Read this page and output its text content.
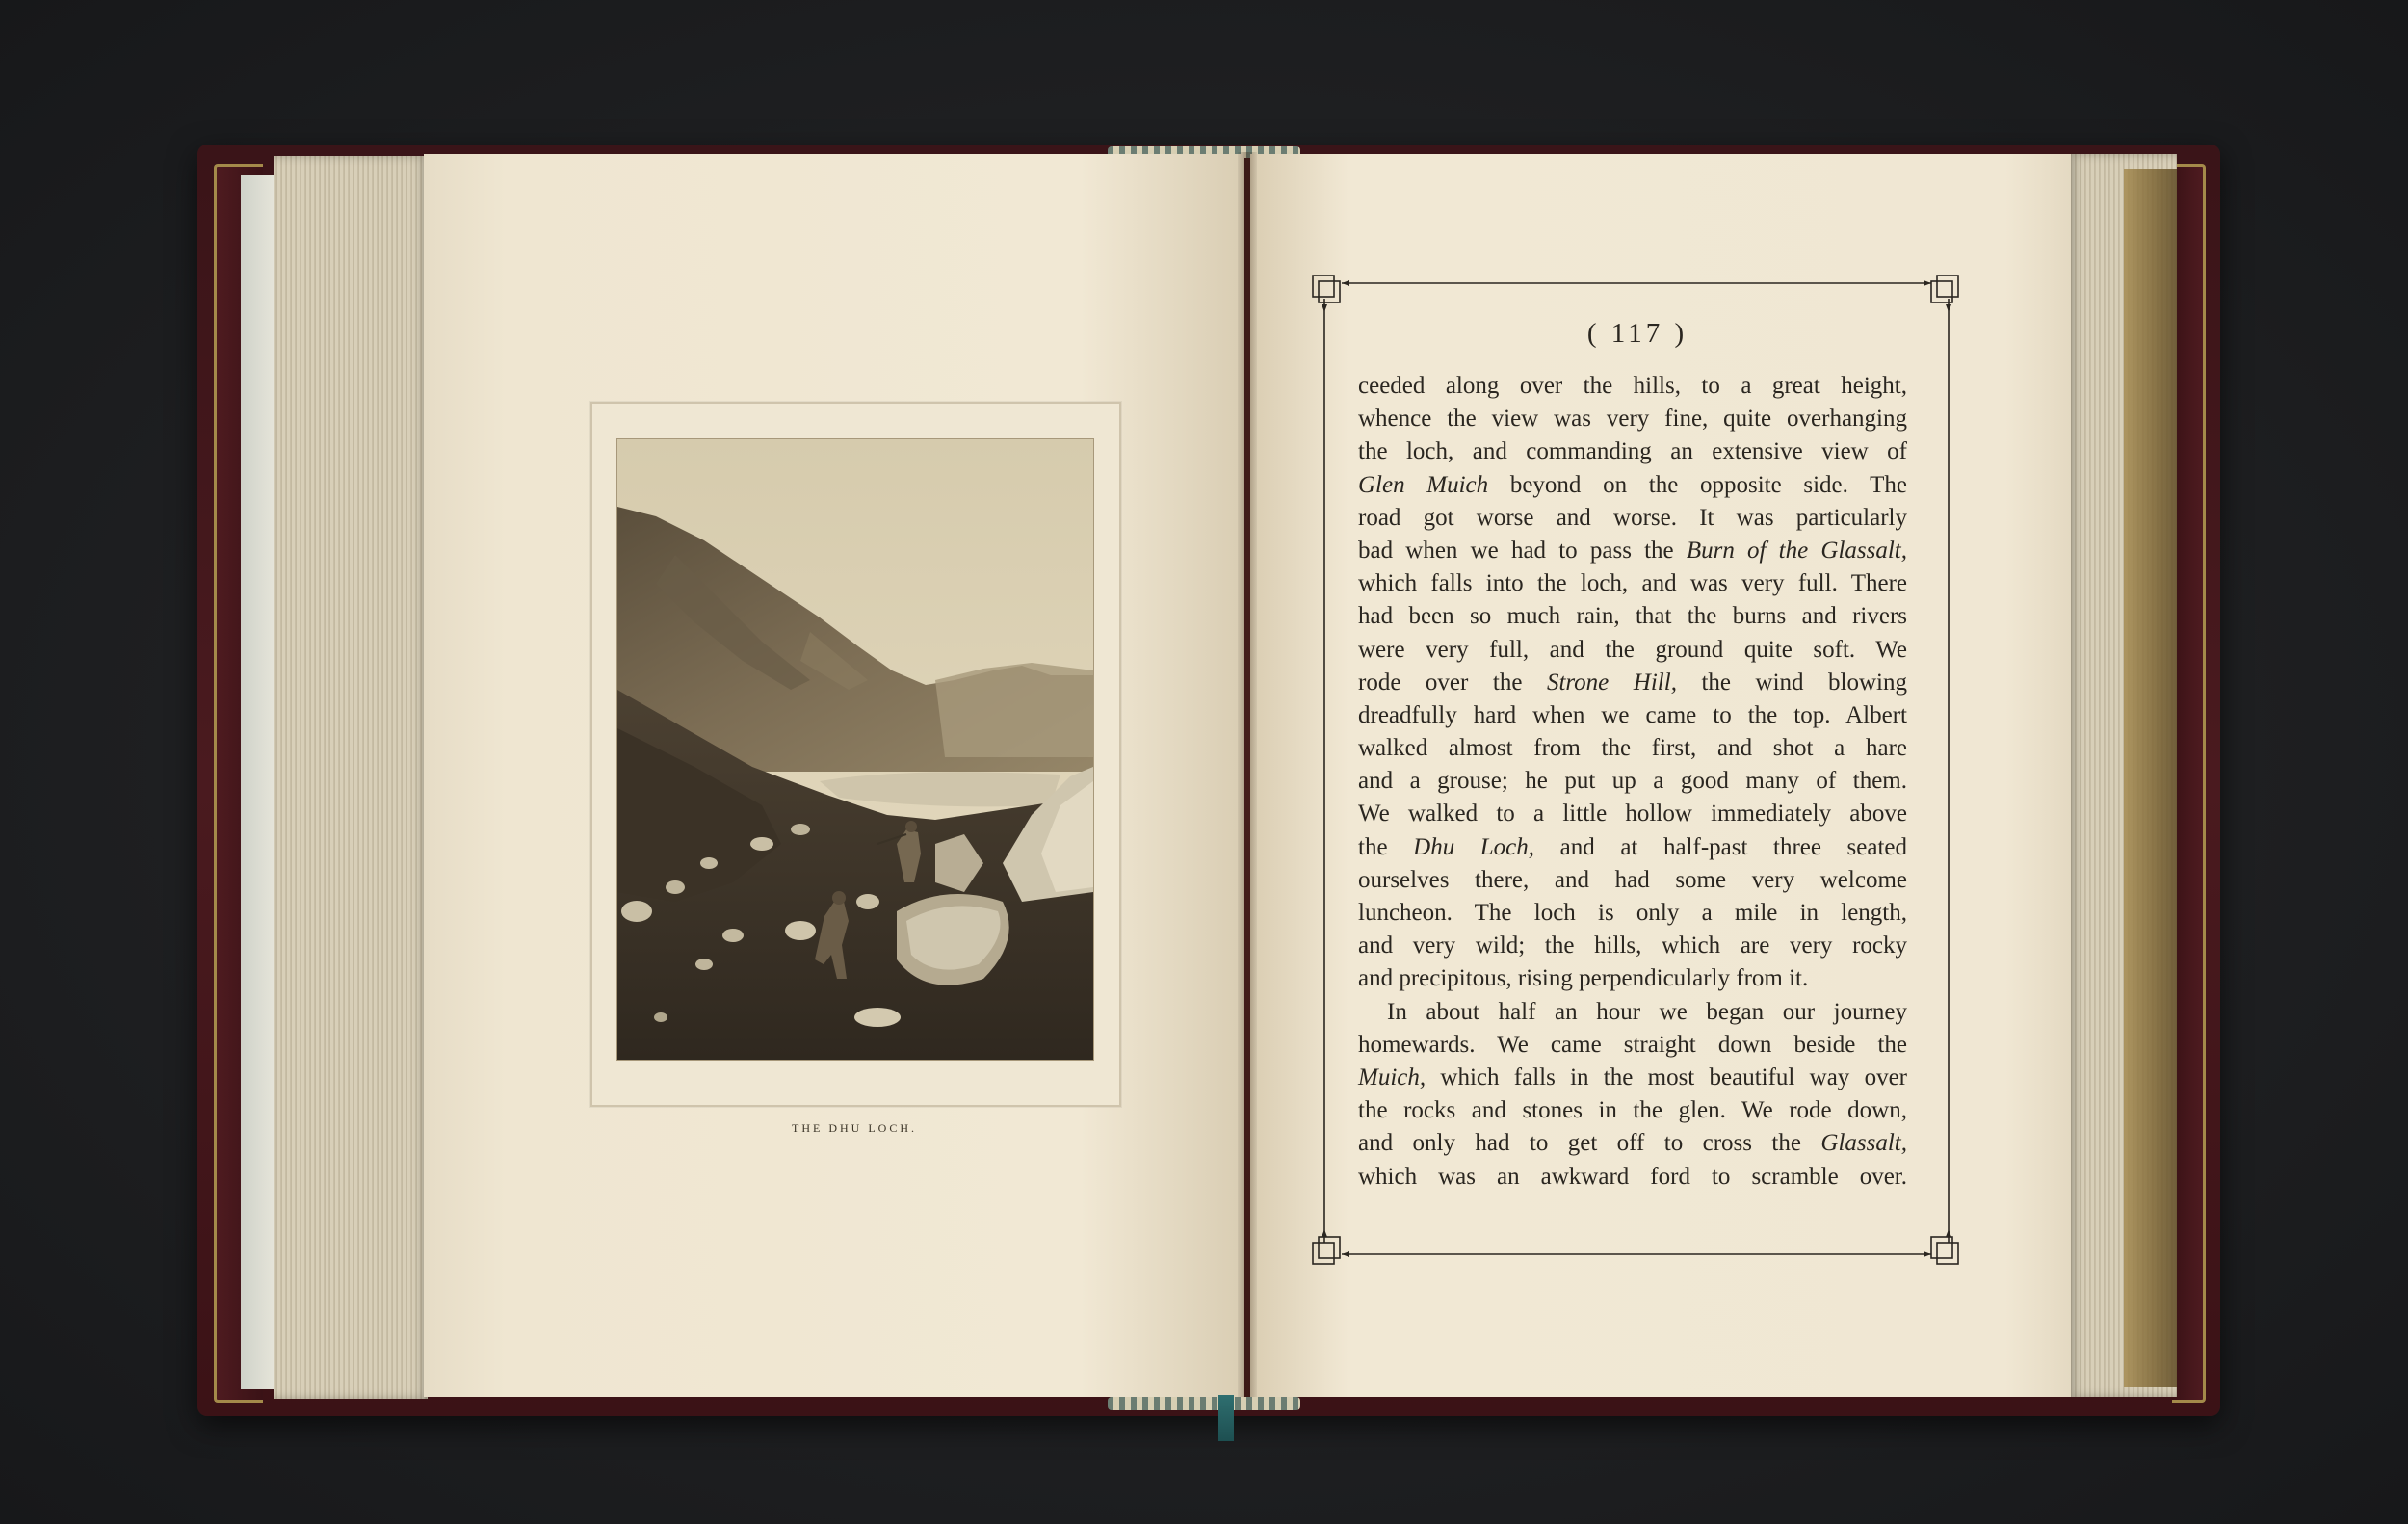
THE DHU LOCH.
( 117 )
ceeded along over the hills, to a great height,
whence the view was very fine, quite overhanging
the loch, and commanding an extensive view of
Glen Muich beyond on the opposite side. The
road got worse and worse. It was particularly
bad when we had to pass the Burn of the Glassalt,
which falls into the loch, and was very full. There
had been so much rain, that the burns and rivers
were very full, and the ground quite soft. We
rode over the Strone Hill, the wind blowing
dreadfully hard when we came to the top. Albert
walked almost from the first, and shot a hare
and a grouse; he put up a good many of them.
We walked to a little hollow immediately above
the Dhu Loch, and at half-past three seated
ourselves there, and had some very welcome
luncheon. The loch is only a mile in length,
and very wild; the hills, which are very rocky
and precipitous, rising perpendicularly from it.
In about half an hour we began our journey
homewards. We came straight down beside the
Muich, which falls in the most beautiful way over
the rocks and stones in the glen. We rode down,
and only had to get off to cross the Glassalt,
which was an awkward ford to scramble over.
